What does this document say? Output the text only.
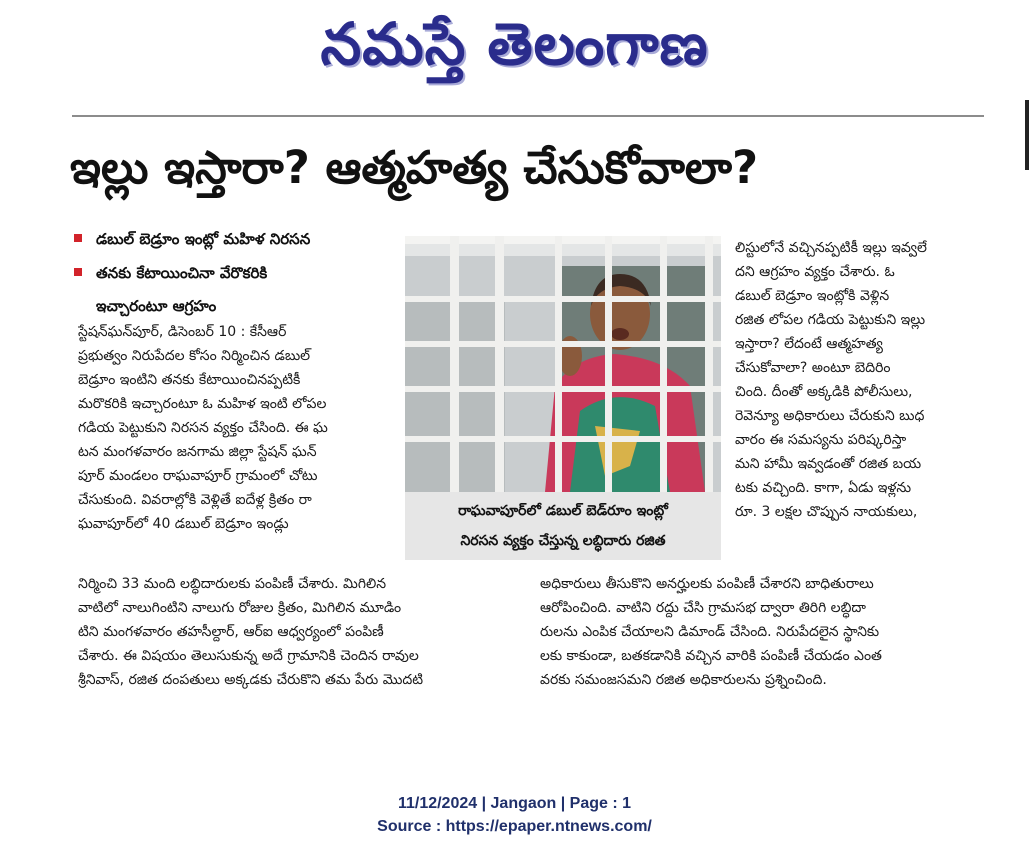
నమస్తే తెలంగాణ
ఇల్లు ఇస్తారా? ఆత్మహత్య చేసుకోవాలా?
డబుల్ బెడ్రూం ఇంట్లో మహిళ నిరసన
తనకు కేటాయించినా వేరొకరికి
ఇచ్చారంటూ ఆగ్రహం
స్టేషన్‌ఘన్‌పూర్, డిసెంబర్ 10 : కేసీఆర్
ప్రభుత్వం నిరుపేదల కోసం నిర్మించిన డబుల్
బెడ్రూం ఇంటిని తనకు కేటాయించినప్పటికీ
మరొకరికి ఇచ్చారంటూ ఓ మహిళ ఇంటి లోపల
గడియ పెట్టుకుని నిరసన వ్యక్తం చేసింది. ఈ ఘ
టన మంగళవారం జనగామ జిల్లా స్టేషన్ ఘన్
పూర్ మండలం రాఘవాపూర్ గ్రామంలో చోటు
చేసుకుంది. వివరాల్లోకి వెళ్లితే ఐదేళ్ల క్రితం రా
ఘవాపూర్‌లో 40 డబుల్ బెడ్రూం ఇండ్లు
రాఘవాపూర్‌లో డబుల్ బెడ్‌రూం ఇంట్లో
నిరసన వ్యక్తం చేస్తున్న లబ్ధిదారు రజిత
లిస్టులోనే వచ్చినప్పటికీ ఇల్లు ఇవ్వలే
దని ఆగ్రహం వ్యక్తం చేశారు. ఓ
డబుల్ బెడ్రూం ఇంట్లోకి వెళ్లిన
రజిత లోపల గడియ పెట్టుకుని ఇల్లు
ఇస్తారా? లేదంటే ఆత్మహత్య
చేసుకోవాలా? అంటూ బెదిరిం
చింది. దీంతో అక్కడికి పోలీసులు,
రెవెన్యూ అధికారులు చేరుకుని బుధ
వారం ఈ సమస్యను పరిష్కరిస్తా
మని హామీ ఇవ్వడంతో రజిత బయ
టకు వచ్చింది. కాగా, ఏడు ఇళ్లను
రూ. 3 లక్షల చొప్పున నాయకులు,
నిర్మించి 33 మంది లబ్ధిదారులకు పంపిణీ చేశారు. మిగిలిన
వాటిలో నాలుగింటిని నాలుగు రోజుల క్రితం, మిగిలిన మూడిం
టిని మంగళవారం తహసీల్దార్, ఆర్ఐ ఆధ్వర్యంలో పంపిణీ
చేశారు. ఈ విషయం తెలుసుకున్న అదే గ్రామానికి చెందిన రావుల
శ్రీనివాస్, రజిత దంపతులు అక్కడకు చేరుకొని తమ పేరు మొదటి
అధికారులు తీసుకొని అనర్హులకు పంపిణీ చేశారని బాధితురాలు
ఆరోపించింది. వాటిని రద్దు చేసి గ్రామసభ ద్వారా తిరిగి లబ్ధిదా
రులను ఎంపిక చేయాలని డిమాండ్ చేసింది. నిరుపేదలైన స్థానికు
లకు కాకుండా, బతకడానికి వచ్చిన వారికి పంపిణీ చేయడం ఎంత
వరకు సమంజసమని రజిత అధికారులను ప్రశ్నించింది.
11/12/2024 | Jangaon | Page : 1
Source : https://epaper.ntnews.com/
